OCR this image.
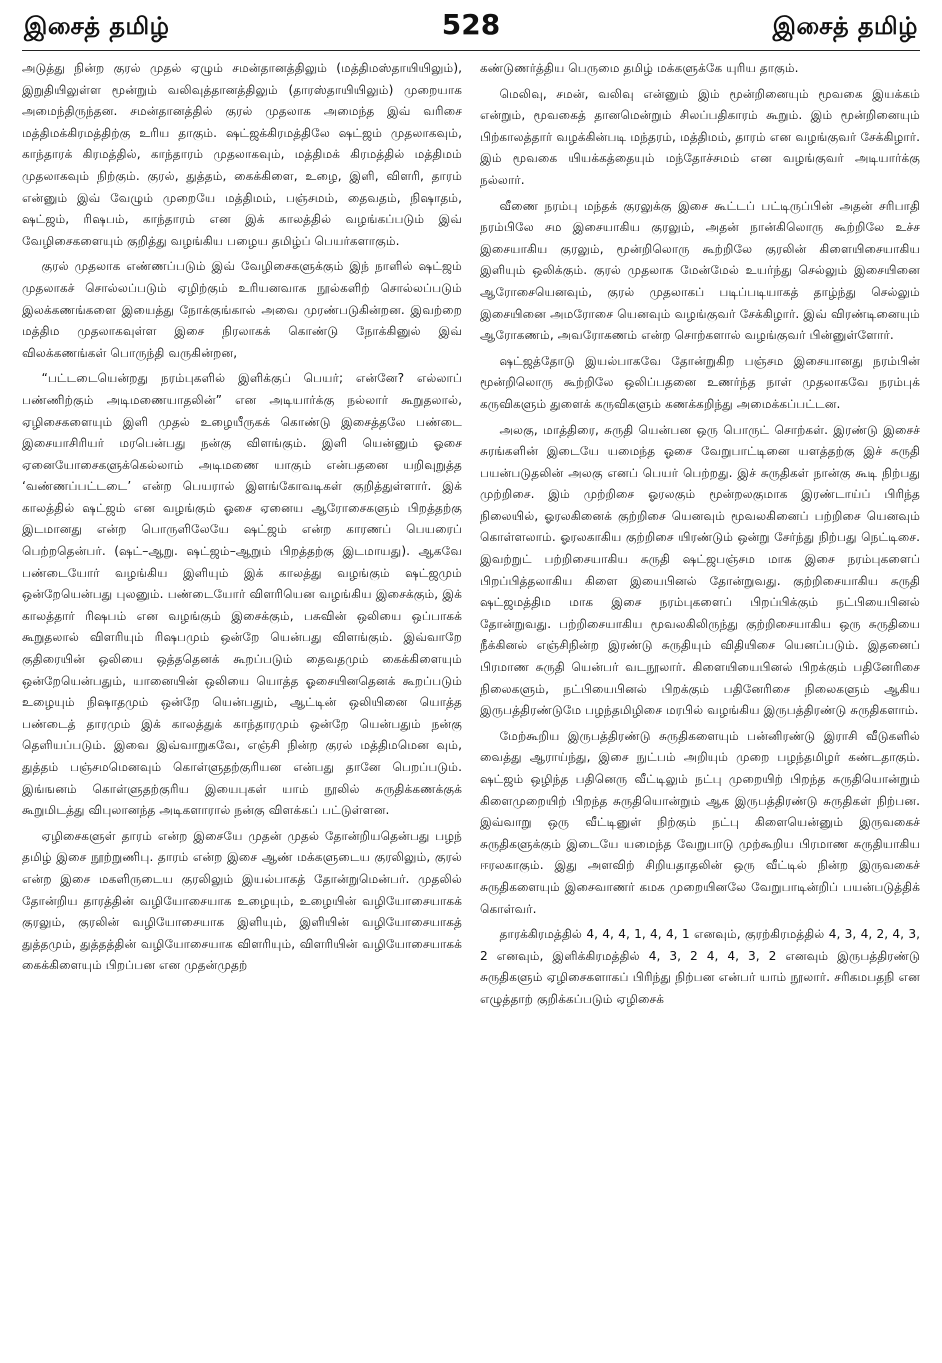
இசைத் தமிழ்	528	இசைத் தமிழ்

அடுத்து நின்ற குரல் முதல் ஏழும் சமன்தானத்திலும் (மத்திமஸ்தாயியிலும்), இறுதியிலுள்ள மூன்றும் வலிவுத்தானத்திலும் (தாரஸ்தாயியிலும்) முறையாக அமைந்திருந்தன. சமன்தானத்தில் குரல் முதலாக அமைந்த இவ் வரிசை மத்திமக்கிரமத்திற்கு உரிய தாகும். ஷட்ஜக்கிரமத்திலே ஷட்ஜம் முதலாகவும், காந்தாரக் கிரமத்தில், காந்தாரம் முதலாகவும், மத்திமக் கிரமத்தில் மத்திமம் முதலாகவும் நிற்கும். குரல், துத்தம், கைக்கிளை, உழை, இளி, விளரி, தாரம் என்னும் இவ் வேழும் முறையே மத்திமம், பஞ்சமம், தைவதம், நிஷாதம், ஷட்ஜம், ரிஷபம், காந்தாரம் என இக் காலத்தில் வழங்கப்படும் இவ் வேழிசைகளையும் குறித்து வழங்கிய பழைய தமிழ்ப் பெயர்களாகும்.

குரல் முதலாக எண்ணப்படும் இவ் வேழிசைகளுக்கும் இந் நாளில் ஷட்ஜம் முதலாகச் சொல்லப்படும் ஏழிற்கும் உரியனவாக நூல்களிற் சொல்லப்படும் இலக்கணங்களை இயைத்து நோக்குங்கால் அவை முரண்படுகின்றன. இவற்றை மத்திம முதலாகவுள்ள இசை நிரலாகக் கொண்டு நோக்கினுல் இவ் விலக்கணங்கள் பொருந்தி வருகின்றன,

“பட்டடையென்றது நரம்புகளில் இளிக்குப் பெயர்; என்னே? எல்லாப் பண்ணிற்கும் அடிமணையாதலின்” என அடியார்க்கு நல்லார் கூறுதலால், ஏழிசைகளையும் இளி முதல் உழையீருகக் கொண்டு இசைத்தலே பண்டை இசையாசிரியர் மரபென்பது நன்கு விளங்கும். இளி யென்னும் ஓசை ஏனையோசைகளுக்கெல்லாம் அடிமணை யாகும் என்பதனை யறிவுறுத்த ‘வண்ணப்பட்டடை’ என்ற பெயரால் இளங்கோவடிகள் குறித்துள்ளார். இக் காலத்தில் ஷட்ஜம் என வழங்கும் ஓசை ஏனைய ஆரோசைகளும் பிறத்தற்கு இடமானது என்ற பொருளிலேயே ஷட்ஜம் என்ற காரணப் பெயரைப் பெற்றதென்பர். (ஷட்–ஆறு. ஷட்ஜம்–ஆறும் பிறத்தற்கு இடமாயது). ஆகவே பண்டையோர் வழங்கிய இளியும் இக் காலத்து வழங்கும் ஷட்ஜமும் ஒன்றேயென்பது புலனும். பண்டையோர் விளரியென வழங்கிய இசைக்கும், இக் காலத்தார் ரிஷபம் என வழங்கும் இசைக்கும், பசுவின் ஒலியை ஒப்பாகக் கூறுதலால் விளரியும் ரிஷபமும் ஒன்றே யென்பது விளங்கும். இவ்வாறே குதிரையின் ஒலியை ஒத்ததெனக் கூறப்படும் தைவதமும் கைக்கிளையும் ஒன்றேயென்பதும், யானையின் ஒலியை யொத்த ஓசையினதெனக் கூறப்படும் உழையும் நிஷாதமும் ஒன்றே யென்பதும், ஆட்டின் ஒலியினை யொத்த பண்டைத் தாரமும் இக் காலத்துக் காந்தாரமும் ஒன்றே யென்பதும் நன்கு தெளியப்படும். இவை இவ்வாறுகவே, எஞ்சி நின்ற குரல் மத்திமமென வும், துத்தம் பஞ்சமமெனவும் கொள்ளுதற்குரியன என்பது தானே பெறப்படும். இங்ஙனம் கொள்ளுதற்குரிய இயைபுகள் யாம் நூலில் சுருதிக்கணக்குக் கூறுமிடத்து விபுலானந்த அடிகளாரால் நன்கு விளக்கப் பட்டுள்ளன.

ஏழிசைகளுள் தாரம் என்ற இசையே முதன் முதல் தோன்றியதென்பது பழந் தமிழ் இசை நூற்றுணிபு. தாரம் என்ற இசை ஆண் மக்களுடைய குரலிலும், குரல் என்ற இசை மகளிருடைய குரலிலும் இயல்பாகத் தோன்றுமென்பர். முதலில் தோன்றிய தாரத்தின் வழியோசையாக உழையும், உழையின் வழியோசையாகக் குரலும், குரலின் வழியோசையாக இளியும், இளியின் வழியோசையாகத் துத்தமும், துத்தத்தின் வழியோசையாக விளரியும், விளரியின் வழியோசையாகக் கைக்கிளையும் பிறப்பன என முதன்முதற்

கண்டுணர்த்திய பெருமை தமிழ் மக்களுக்கே யுரிய தாகும்.

மெலிவு, சமன், வலிவு என்னும் இம் மூன்றினையும் மூவகை இயக்கம் என்றும், மூவகைத் தானமென்றும் சிலப்பதிகாரம் கூறும். இம் மூன்றினையும் பிற்காலத்தார் வழக்கின்படி மந்தரம், மத்திமம், தாரம் என வழங்குவர் சேக்கிழார். இம் மூவகை யியக்கத்தையும் மந்தோச்சமம் என வழங்குவர் அடியார்க்கு நல்லார்.

வீணை நரம்பு மந்தக் குரலுக்கு இசை கூட்டப் பட்டிருப்பின் அதன் சரிபாதி நரம்பிலே சம இசையாகிய குரலும், அதன் நான்கிலொரு கூற்றிலே உச்ச இசையாகிய குரலும், மூன்றிலொரு கூற்றிலே குரலின் கிளையிசையாகிய இளியும் ஒலிக்கும். குரல் முதலாக மேன்மேல் உயர்ந்து செல்லும் இசையினை ஆரோசையெனவும், குரல் முதலாகப் படிப்படியாகத் தாழ்ந்து செல்லும் இசையினை அமரோசை யெனவும் வழங்குவர் சேக்கிழார். இவ் விரண்டினையும் ஆரோகணம், அவரோகணம் என்ற சொற்களால் வழங்குவர் பின்னுள்ளோர்.

ஷட்ஜத்தோடு இயல்பாகவே தோன்றுகிற பஞ்சம இசையானது நரம்பின் மூன்றிலொரு கூற்றிலே ஒலிப்பதனை உணர்ந்த நாள் முதலாகவே நரம்புக் கருவிகளும் துளைக் கருவிகளும் கணக்கறிந்து அமைக்கப்பட்டன.

அலகு, மாத்திரை, சுருதி யென்பன ஒரு பொருட் சொற்கள். இரண்டு இசைச் சுரங்களின் இடையே யமைந்த ஓசை வேறுபாட்டினை யளத்தற்கு இச் சுருதி பயன்படுதலின் அலகு எனப் பெயர் பெற்றது. இச் சுருதிகள் நான்கு கூடி நிற்பது முற்றிசை. இம் முற்றிசை ஓரலகும் மூன்றலகுமாக இரண்டாய்ப் பிரிந்த நிலையில், ஓரலகினைக் குற்றிசை யெனவும் மூவலகினைப் பற்றிசை யெனவும் கொள்ளலாம். ஓரலகாகிய குற்றிசை யிரண்டும் ஒன்று சேர்ந்து நிற்பது நெட்டிசை. இவற்றுட் பற்றிசையாகிய சுருதி ஷட்ஜபஞ்சம மாக இசை நரம்புகளைப் பிறப்பித்தலாகிய கிளை இயைபினல் தோன்றுவது. குற்றிசையாகிய சுருதி ஷட்ஜமத்திம மாக இசை நரம்புகளைப் பிறப்பிக்கும் நட்பியைபினல் தோன்றுவது. பற்றிசையாகிய மூவலகிலிருந்து குற்றிசையாகிய ஒரு சுருதியை நீக்கினல் எஞ்சிநின்ற இரண்டு சுருதியும் விதியிசை யெனப்படும். இதனைப் பிரமாண சுருதி யென்பர் வடநூலார். கிளையியைபினல் பிறக்கும் பதினேரிசை நிலைகளும், நட்பியைபினல் பிறக்கும் பதினேரிசை நிலைகளும் ஆகிய இருபத்திரண்டுமே பழந்தமிழிசை மரபில் வழங்கிய இருபத்திரண்டு சுருதிகளாம்.

மேற்கூறிய இருபத்திரண்டு சுருதிகளையும் பன்னிரண்டு இராசி வீடுகளில் வைத்து ஆராய்ந்து, இசை நுட்பம் அறியும் முறை பழந்தமிழர் கண்டதாகும். ஷட்ஜம் ஒழிந்த பதினெரு வீட்டிலும் நட்பு முறையிற் பிறந்த சுருதியொன்றும் கிளைமுறையிற் பிறந்த சுருதியொன்றும் ஆக இருபத்திரண்டு சுருதிகள் நிற்பன. இவ்வாறு ஒரு வீட்டினுள் நிற்கும் நட்பு கிளையென்னும் இருவகைச் சுருதிகளுக்கும் இடையே யமைந்த வேறுபாடு முற்கூறிய பிரமாண சுருதியாகிய ஈரலகாகும். இது அளவிற் சிறியதாதலின் ஒரு வீட்டில் நின்ற இருவகைச் சுருதிகளையும் இசைவாணர் கமக முறையினலே வேறுபாடின்றிப் பயன்படுத்திக் கொள்வர்.

தாரக்கிரமத்தில் 4, 4, 4, 1, 4, 4, 1 எனவும், குரற்கிரமத்தில் 4, 3, 4, 2, 4, 3, 2 எனவும், இளிக்கிரமத்தில் 4, 3, 2 4, 4, 3, 2 எனவும் இருபத்திரண்டு சுருதிகளும் ஏழிசைகளாகப் பிரிந்து நிற்பன என்பர் யாம் நூலார். சரிகமபதநி என எழுத்தாற் குறிக்கப்படும் ஏழிசைக்
